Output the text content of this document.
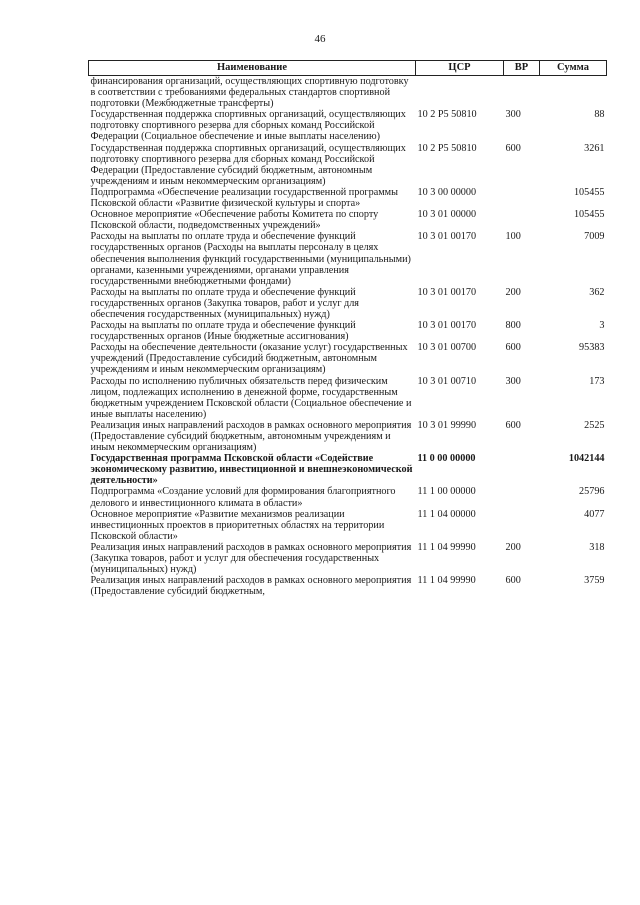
46
Наименование	ЦСР	ВР	Сумма
финансирования организаций, осуществляющих спортивную подготовку в соответствии с требованиями федеральных стандартов спортивной подготовки (Межбюджетные трансферты)			
Государственная поддержка спортивных организаций, осуществляющих подготовку спортивного резерва для сборных команд Российской Федерации (Социальное обеспечение и иные выплаты населению)	10 2 P5 50810	300	88
Государственная поддержка спортивных организаций, осуществляющих подготовку спортивного резерва для сборных команд Российской Федерации (Предоставление субсидий бюджетным, автономным учреждениям и иным некоммерческим организациям)	10 2 P5 50810	600	3261
Подпрограмма «Обеспечение реализации государственной программы Псковской области «Развитие физической культуры и спорта»	10 3 00 00000		105455
Основное мероприятие «Обеспечение работы Комитета по спорту Псковской области, подведомственных учреждений»	10 3 01 00000		105455
Расходы на выплаты по оплате труда и обеспечение функций государственных органов (Расходы на выплаты персоналу в целях обеспечения выполнения функций государственными (муниципальными) органами, казенными учреждениями, органами управления государственными внебюджетными фондами)	10 3 01 00170	100	7009
Расходы на выплаты по оплате труда и обеспечение функций государственных органов (Закупка товаров, работ и услуг для обеспечения государственных (муниципальных) нужд)	10 3 01 00170	200	362
Расходы на выплаты по оплате труда и обеспечение функций государственных органов (Иные бюджетные ассигнования)	10 3 01 00170	800	3
Расходы на обеспечение деятельности (оказание услуг) государственных учреждений (Предоставление субсидий бюджетным, автономным учреждениям и иным некоммерческим организациям)	10 3 01 00700	600	95383
Расходы по исполнению публичных обязательств перед физическим лицом, подлежащих исполнению в денежной форме, государственным бюджетным учреждением Псковской области (Социальное обеспечение и иные выплаты населению)	10 3 01 00710	300	173
Реализация иных направлений расходов в рамках основного мероприятия (Предоставление субсидий бюджетным, автономным учреждениям и иным некоммерческим организациям)	10 3 01 99990	600	2525
Государственная программа Псковской области «Содействие экономическому развитию, инвестиционной и внешнеэкономической деятельности»	11 0 00 00000		1042144
Подпрограмма «Создание условий для формирования благоприятного делового и инвестиционного климата в области»	11 1 00 00000		25796
Основное мероприятие «Развитие механизмов реализации инвестиционных проектов в приоритетных областях на территории Псковской области»	11 1 04 00000		4077
Реализация иных направлений расходов в рамках основного мероприятия (Закупка товаров, работ и услуг для обеспечения государственных (муниципальных) нужд)	11 1 04 99990	200	318
Реализация иных направлений расходов в рамках основного мероприятия (Предоставление субсидий бюджетным,	11 1 04 99990	600	3759
